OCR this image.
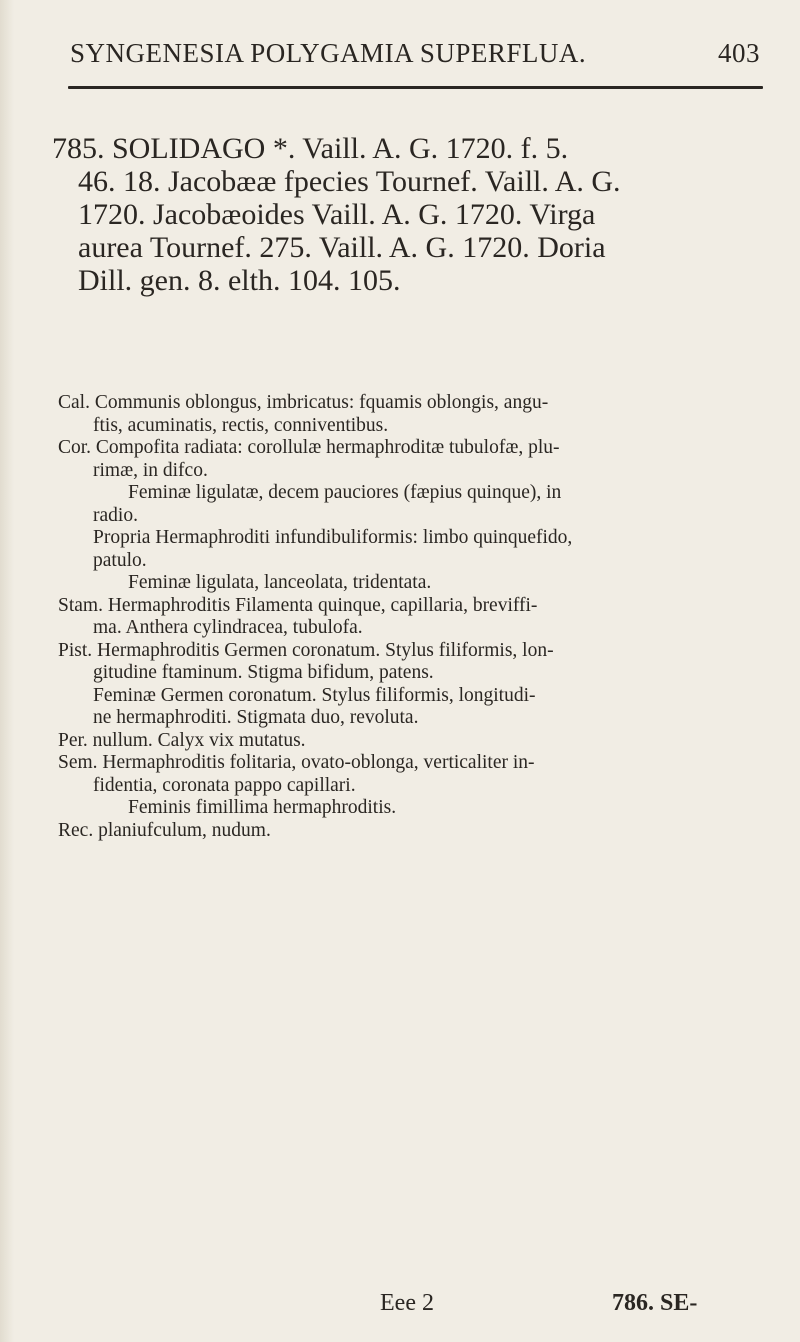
SYNGENESIA POLYGAMIA SUPERFLUA.	403
785. SOLIDAGO *. Vaill. A. G. 1720. f. 5.
46. 18. Jacobææ fpecies Tournef. Vaill. A. G.
1720. Jacobæoides Vaill. A. G. 1720. Virga
aurea Tournef. 275. Vaill. A. G. 1720. Doria
Dill. gen. 8. elth. 104. 105.
Cal. Communis oblongus, imbricatus: fquamis oblongis, angu-
ftis, acuminatis, rectis, conniventibus.
Cor. Compofita radiata: corollulæ hermaphroditæ tubulofæ, plu-
rimæ, in difco.
Feminæ ligulatæ, decem pauciores (fæpius quinque), in
radio.
Propria Hermaphroditi infundibuliformis: limbo quinquefido,
patulo.
Feminæ ligulata, lanceolata, tridentata.
Stam. Hermaphroditis Filamenta quinque, capillaria, breviffi-
ma. Anthera cylindracea, tubulofa.
Pist. Hermaphroditis Germen coronatum. Stylus filiformis, lon-
gitudine ftaminum. Stigma bifidum, patens.
Feminæ Germen coronatum. Stylus filiformis, longitudi-
ne hermaphroditi. Stigmata duo, revoluta.
Per. nullum. Calyx vix mutatus.
Sem. Hermaphroditis folitaria, ovato-oblonga, verticaliter in-
fidentia, coronata pappo capillari.
Feminis fimillima hermaphroditis.
Rec. planiufculum, nudum.
Eee 2	786. SE-
